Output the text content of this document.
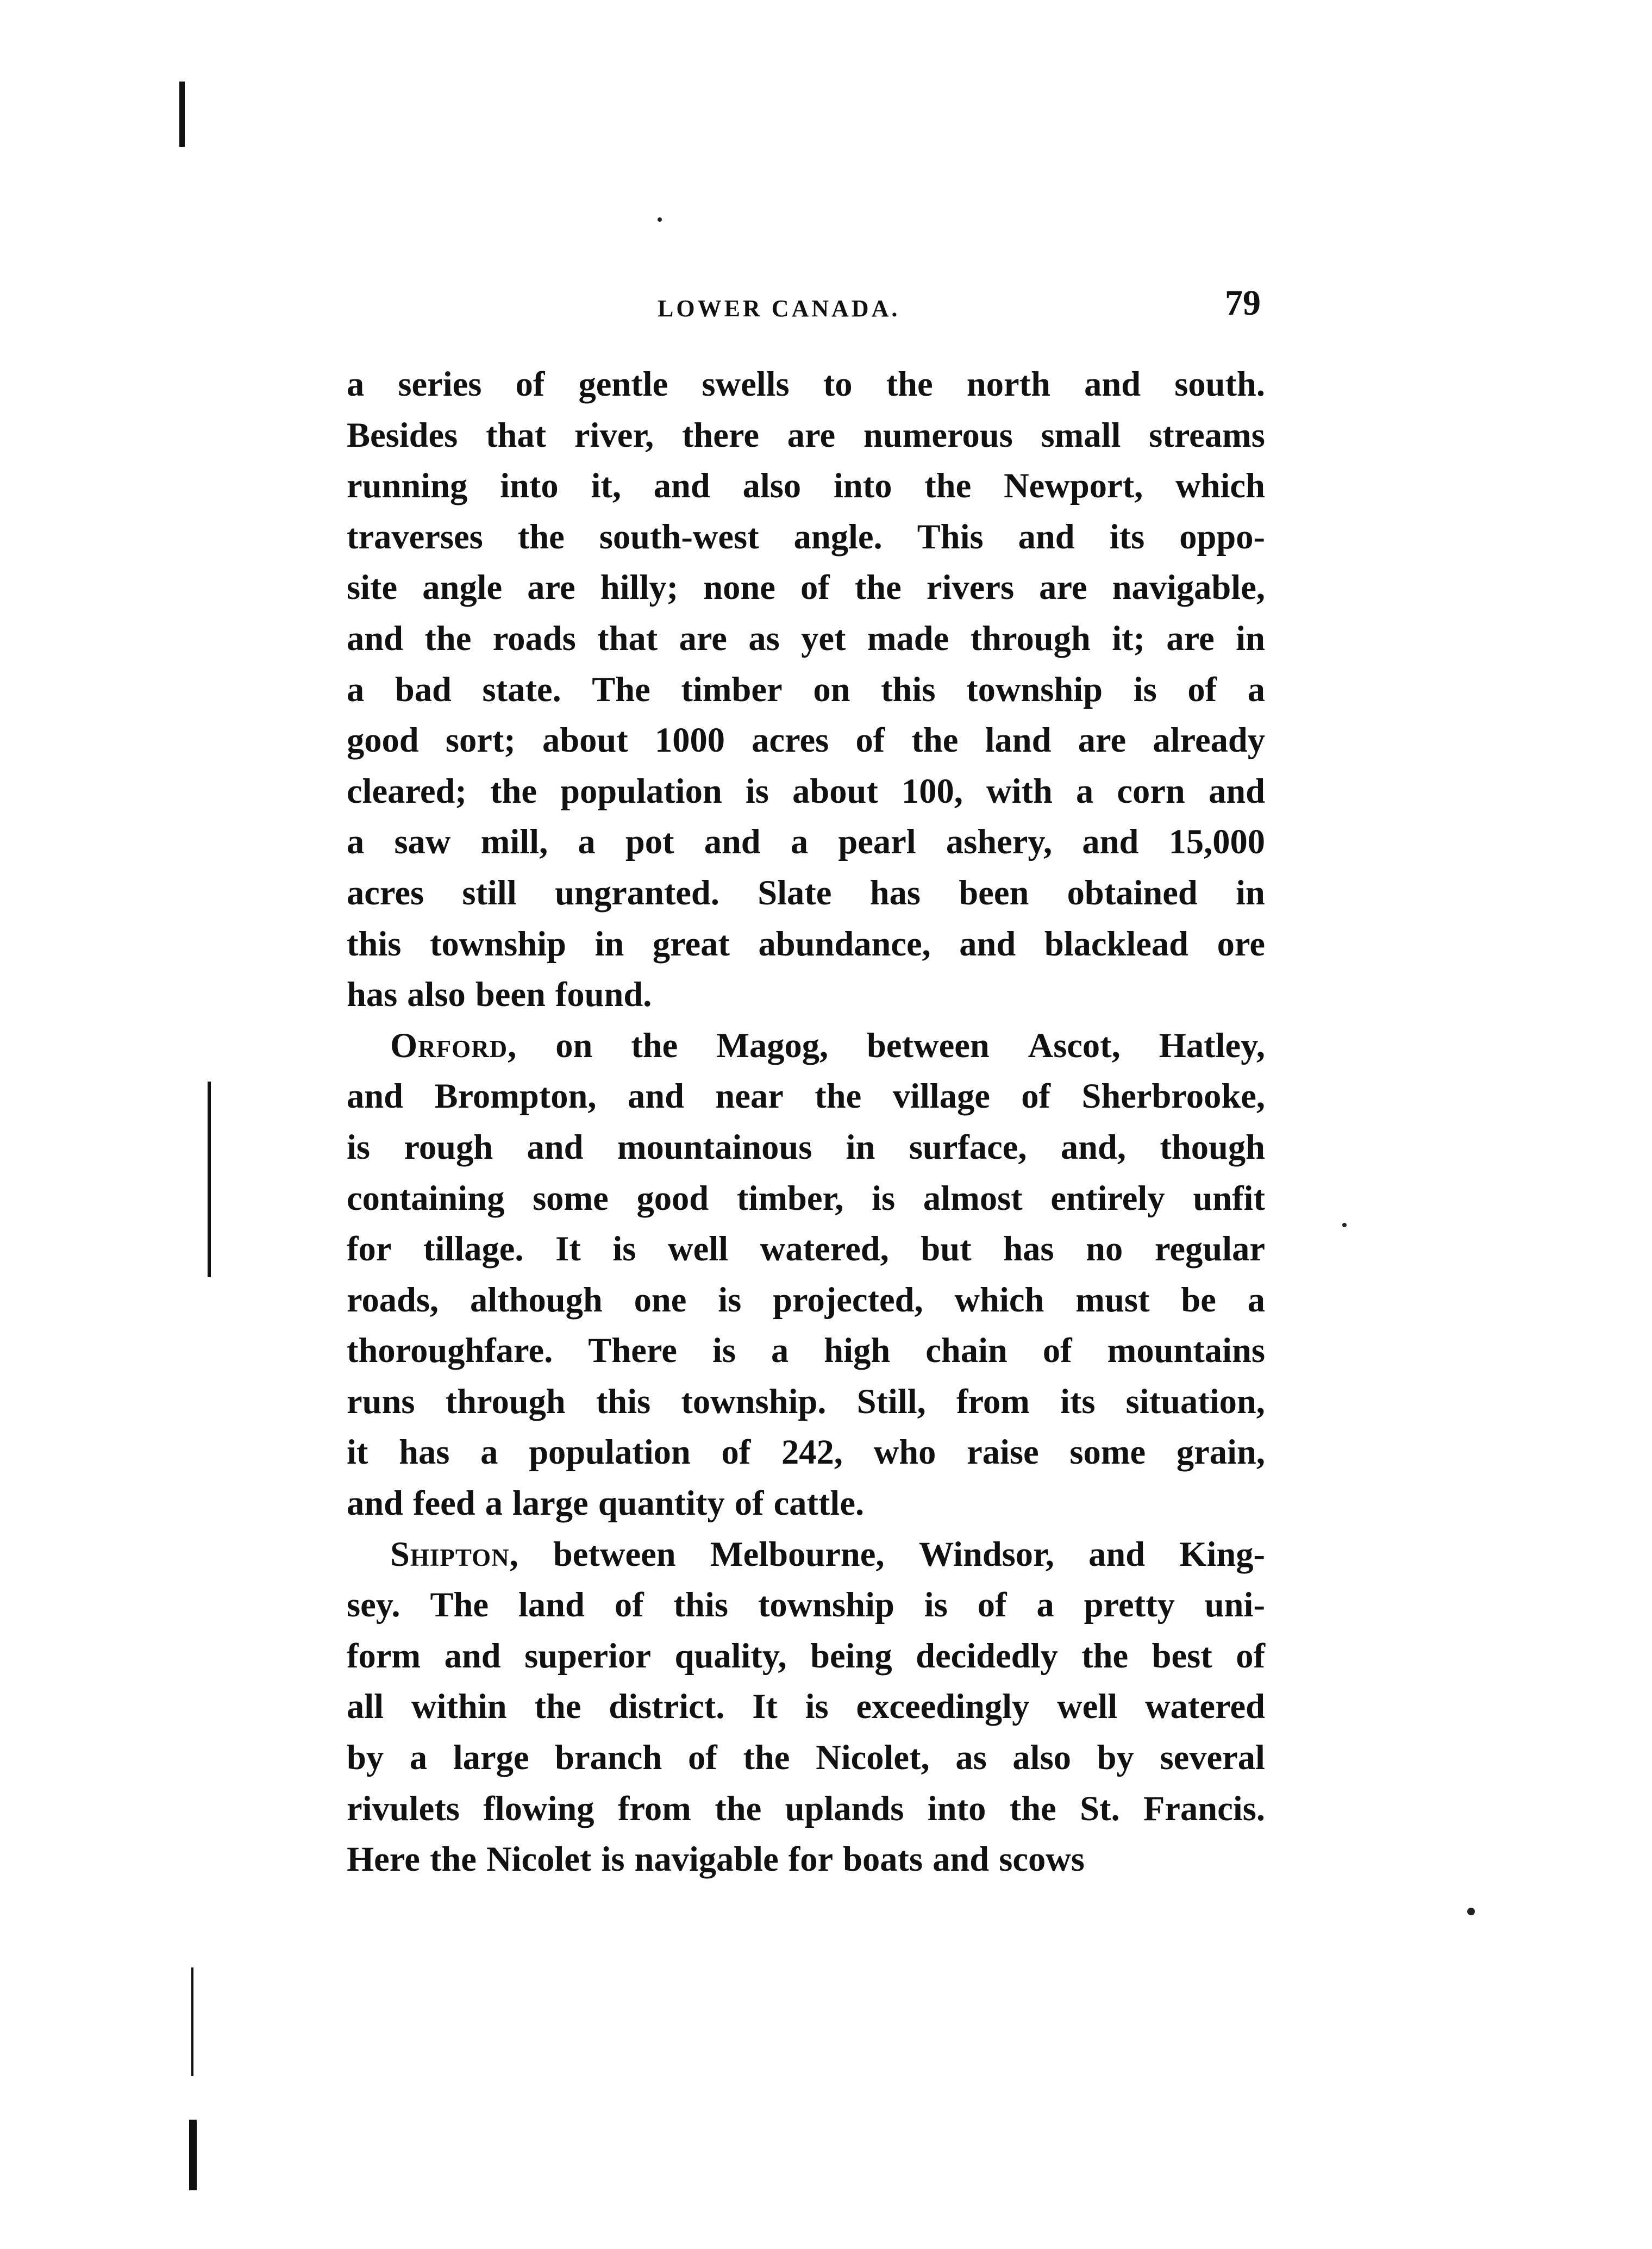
LOWER CANADA.	79
a series of gentle swells to the north and south.
Besides that river, there are numerous small streams
running into it, and also into the Newport, which
traverses the south-west angle. This and its oppo-
site angle are hilly; none of the rivers are navigable,
and the roads that are as yet made through it; are in
a bad state. The timber on this township is of a
good sort; about 1000 acres of the land are already
cleared; the population is about 100, with a corn and
a saw mill, a pot and a pearl ashery, and 15,000
acres still ungranted. Slate has been obtained in
this township in great abundance, and blacklead ore
has also been found.
Orford, on the Magog, between Ascot, Hatley,
and Brompton, and near the village of Sherbrooke,
is rough and mountainous in surface, and, though
containing some good timber, is almost entirely unfit
for tillage. It is well watered, but has no regular
roads, although one is projected, which must be a
thoroughfare. There is a high chain of mountains
runs through this township. Still, from its situation,
it has a population of 242, who raise some grain,
and feed a large quantity of cattle.
Shipton, between Melbourne, Windsor, and King-
sey. The land of this township is of a pretty uni-
form and superior quality, being decidedly the best of
all within the district. It is exceedingly well watered
by a large branch of the Nicolet, as also by several
rivulets flowing from the uplands into the St. Francis.
Here the Nicolet is navigable for boats and scows
